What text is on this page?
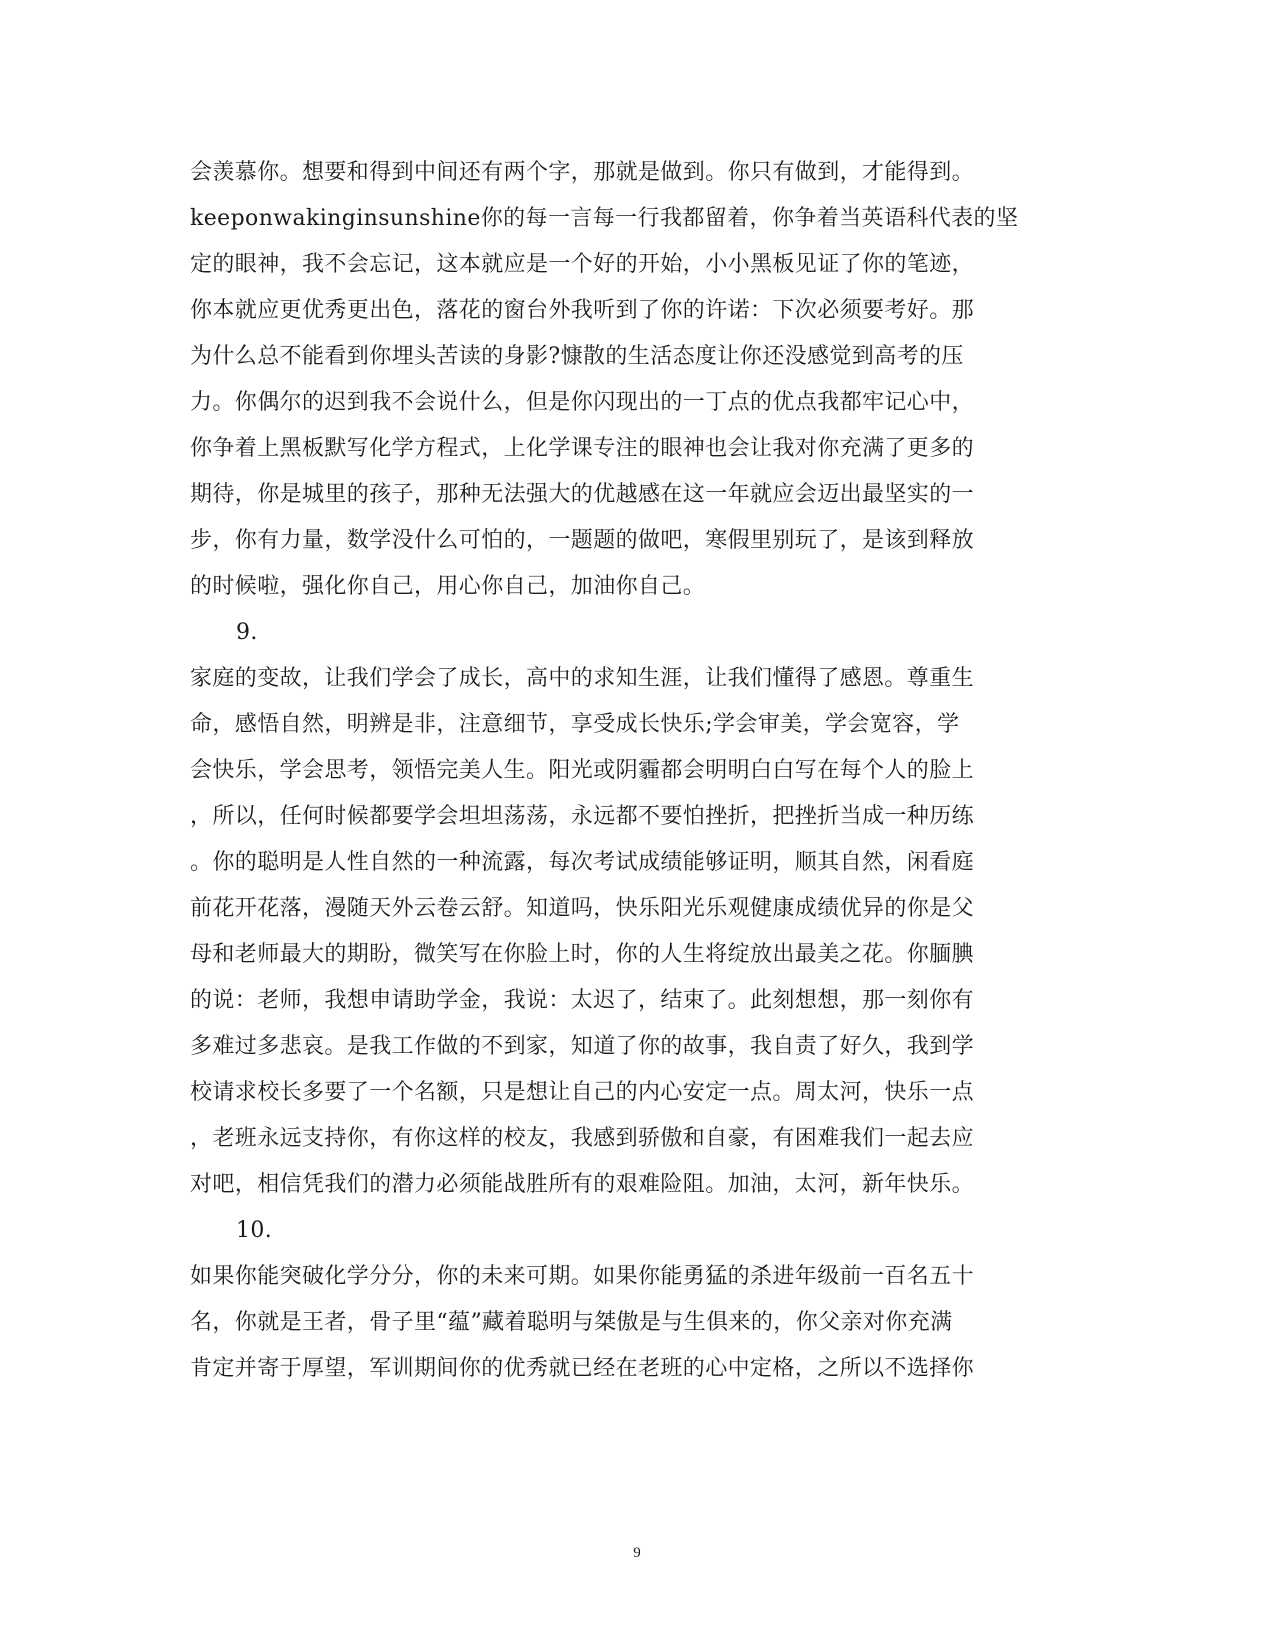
会羡慕你。想要和得到中间还有两个字，那就是做到。你只有做到，才能得到。
keeponwakinginsunshine你的每一言每一行我都留着，你争着当英语科代表的坚
定的眼神，我不会忘记，这本就应是一个好的开始，小小黑板见证了你的笔迹，
你本就应更优秀更出色，落花的窗台外我听到了你的许诺：下次必须要考好。那
为什么总不能看到你埋头苦读的身影?慷散的生活态度让你还没感觉到高考的压
力。你偶尔的迟到我不会说什么，但是你闪现出的一丁点的优点我都牢记心中，
你争着上黑板默写化学方程式，上化学课专注的眼神也会让我对你充满了更多的
期待，你是城里的孩子，那种无法强大的优越感在这一年就应会迈出最坚实的一
步，你有力量，数学没什么可怕的，一题题的做吧，寒假里别玩了，是该到释放
的时候啦，强化你自己，用心你自己，加油你自己。
9.
家庭的变故，让我们学会了成长，高中的求知生涯，让我们懂得了感恩。尊重生
命，感悟自然，明辨是非，注意细节，享受成长快乐;学会审美，学会宽容，学
会快乐，学会思考，领悟完美人生。阳光或阴霾都会明明白白写在每个人的脸上
，所以，任何时候都要学会坦坦荡荡，永远都不要怕挫折，把挫折当成一种历练
。你的聪明是人性自然的一种流露，每次考试成绩能够证明，顺其自然，闲看庭
前花开花落，漫随天外云卷云舒。知道吗，快乐阳光乐观健康成绩优异的你是父
母和老师最大的期盼，微笑写在你脸上时，你的人生将绽放出最美之花。你腼腆
的说：老师，我想申请助学金，我说：太迟了，结束了。此刻想想，那一刻你有
多难过多悲哀。是我工作做的不到家，知道了你的故事，我自责了好久，我到学
校请求校长多要了一个名额，只是想让自己的内心安定一点。周太河，快乐一点
，老班永远支持你，有你这样的校友，我感到骄傲和自豪，有困难我们一起去应
对吧，相信凭我们的潜力必须能战胜所有的艰难险阻。加油，太河，新年快乐。
10.
如果你能突破化学分分，你的未来可期。如果你能勇猛的杀进年级前一百名五十
名，你就是王者，骨子里“蕴”藏着聪明与桀傲是与生俱来的，你父亲对你充满
肯定并寄于厚望，军训期间你的优秀就已经在老班的心中定格，之所以不选择你
9
